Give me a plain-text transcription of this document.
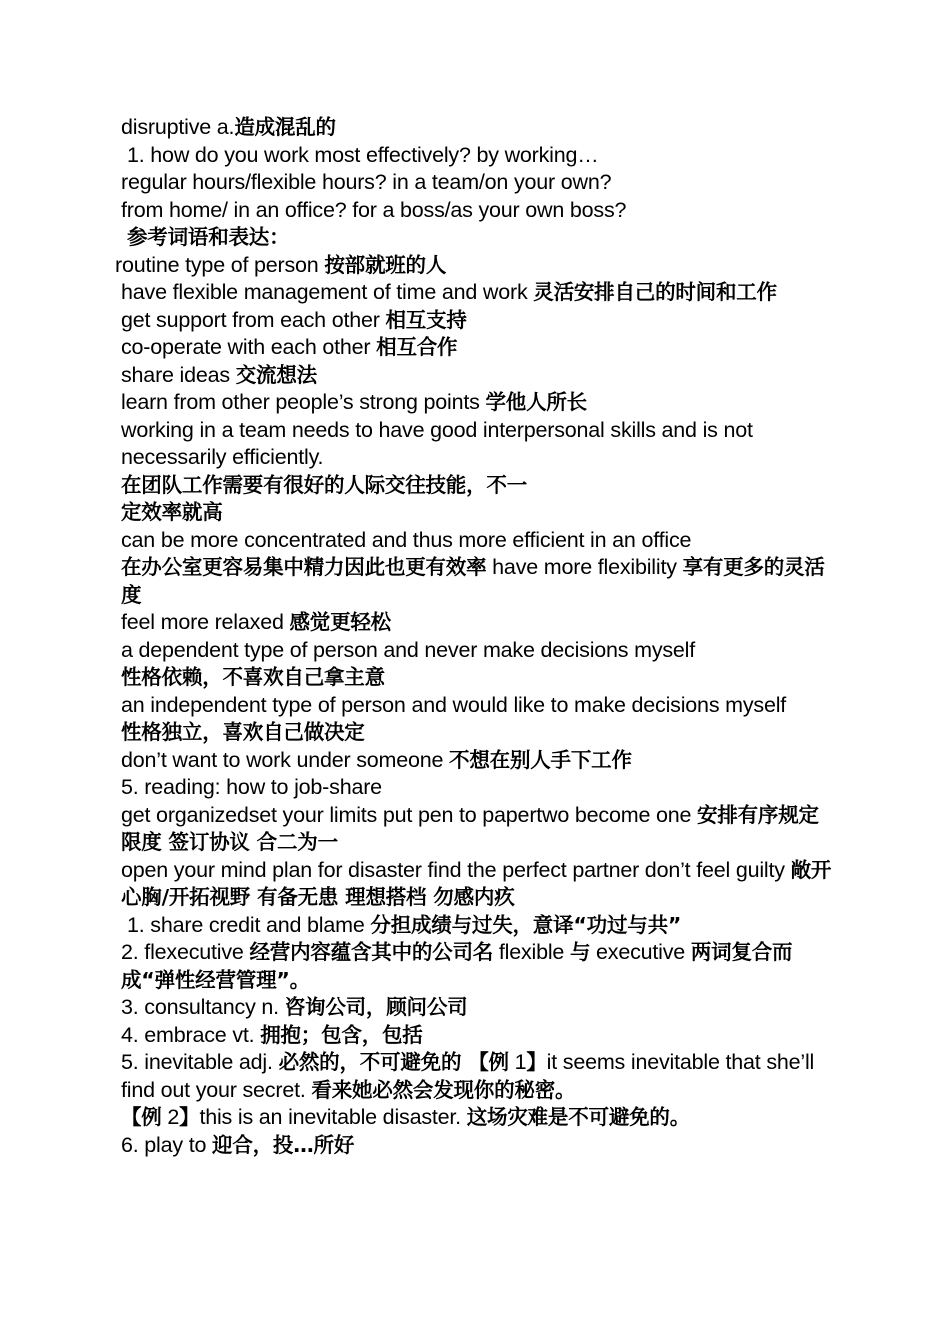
disruptive a.造成混乱的

1. how do you work most effectively? by working…

regular hours/flexible hours? in a team/on your own?

from home/ in an office? for a boss/as your own boss?

参考词语和表达：

routine type of person 按部就班的人

have flexible management of time and work 灵活安排自己的时间和工作

get support from each other 相互支持

co-operate with each other 相互合作

share ideas 交流想法

learn from other people’s strong points 学他人所长

working in a team needs to have good interpersonal skills and is not necessarily efficiently.

在团队工作需要有很好的人际交往技能，不一

定效率就高

can be more concentrated and thus more efficient in an office

在办公室更容易集中精力因此也更有效率 have more flexibility 享有更多的灵活度

feel more relaxed 感觉更轻松

a dependent type of person and never make decisions myself

性格依赖，不喜欢自己拿主意

an independent type of person and would like to make decisions myself

性格独立，喜欢自己做决定

don’t want to work under someone 不想在别人手下工作

5. reading: how to job-share

get organizedset your limits put pen to papertwo become one 安排有序规定限度 签订协议 合二为一

open your mind plan for disaster find the perfect partner don’t feel guilty 敞开心胸/开拓视野 有备无患 理想搭档 勿感内疚

1. share credit and blame 分担成绩与过失，意译“功过与共”

2. flexecutive 经营内容蕴含其中的公司名 flexible 与 executive 两词复合而成“弹性经营管理”。

3. consultancy n. 咨询公司，顾问公司

4. embrace vt. 拥抱；包含，包括

5. inevitable adj. 必然的，不可避免的 【例 1】it seems inevitable that she’ll find out your secret. 看来她必然会发现你的秘密。

【例 2】this is an inevitable disaster. 这场灾难是不可避免的。

6. play to 迎合，投…所好
